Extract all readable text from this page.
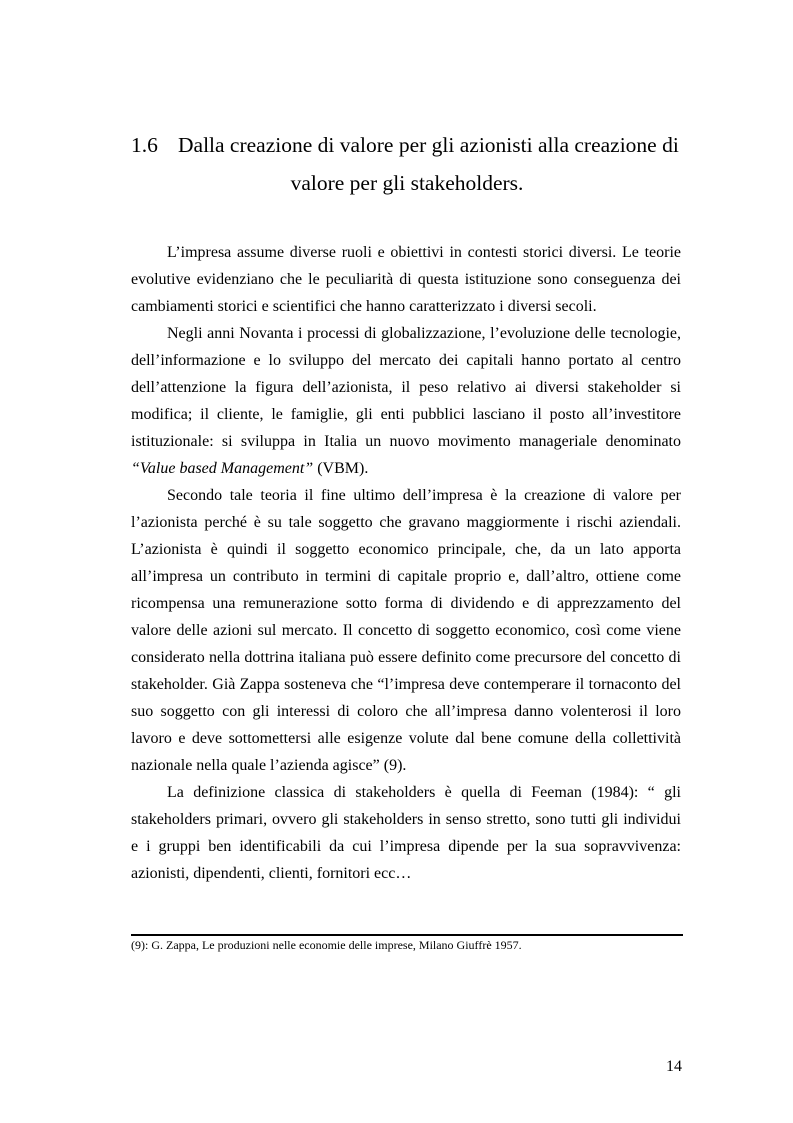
1.6 Dalla creazione di valore per gli azionisti alla creazione di
valore per gli stakeholders.

L’impresa assume diverse ruoli e obiettivi in contesti storici diversi. Le teorie evolutive evidenziano che le peculiarità di questa istituzione sono conseguenza dei cambiamenti storici e scientifici che hanno caratterizzato i diversi secoli.

Negli anni Novanta i processi di globalizzazione, l’evoluzione delle tecnologie, dell’informazione e lo sviluppo del mercato dei capitali hanno portato al centro dell’attenzione la figura dell’azionista, il peso relativo ai diversi stakeholder si modifica; il cliente, le famiglie, gli enti pubblici lasciano il posto all’investitore istituzionale: si sviluppa in Italia un nuovo movimento manageriale denominato “Value based Management” (VBM).

Secondo tale teoria il fine ultimo dell’impresa è la creazione di valore per l’azionista perché è su tale soggetto che gravano maggiormente i rischi aziendali. L’azionista è quindi il soggetto economico principale, che, da un lato apporta all’impresa un contributo in termini di capitale proprio e, dall’altro, ottiene come ricompensa una remunerazione sotto forma di dividendo e di apprezzamento del valore delle azioni sul mercato. Il concetto di soggetto economico, così come viene considerato nella dottrina italiana può essere definito come precursore del concetto di stakeholder. Già Zappa sosteneva che “l’impresa deve contemperare il tornaconto del suo soggetto con gli interessi di coloro che all’impresa danno volenterosi il loro lavoro e deve sottomettersi alle esigenze volute dal bene comune della collettività nazionale nella quale l’azienda agisce” (9).

La definizione classica di stakeholders è quella di Feeman (1984): “ gli stakeholders primari, ovvero gli stakeholders in senso stretto, sono tutti gli individui e i gruppi ben identificabili da cui l’impresa dipende per la sua sopravvivenza: azionisti, dipendenti, clienti, fornitori ecc…

(9): G. Zappa, Le produzioni nelle economie delle imprese, Milano Giuffrè 1957.
14
